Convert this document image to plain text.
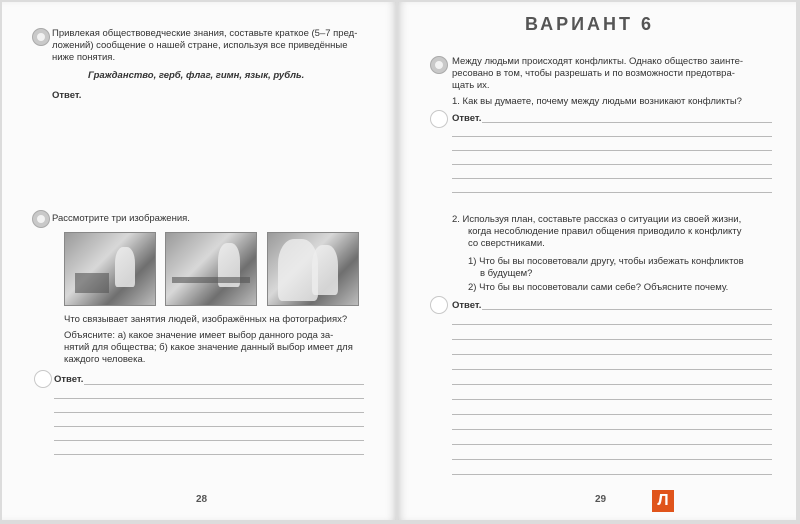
Привлекая обществоведческие знания, составьте краткое (5–7 пред-
ложений) сообщение о нашей стране, используя все приведённые
ниже понятия.
Гражданство, герб, флаг, гимн, язык, рубль.
Ответ.
Рассмотрите три изображения.
Что связывает занятия людей, изображённых на фотографиях?
Объясните: а) какое значение имеет выбор данного рода за-
нятий для общества; б) какое значение данный выбор имеет для
каждого человека.
Ответ.
28
ВАРИАНТ 6
Между людьми происходят конфликты. Однако общество заинте-
ресовано в том, чтобы разрешать и по возможности предотвра-
щать их.
1. Как вы думаете, почему между людьми возникают конфликты?
Ответ.
2. Используя план, составьте рассказ о ситуации из своей жизни,
когда несоблюдение правил общения приводило к конфликту
со сверстниками.
1) Что бы вы посоветовали другу, чтобы избежать конфликтов
в будущем?
2) Что бы вы посоветовали сами себе? Объясните почему.
Ответ.
29	Л
